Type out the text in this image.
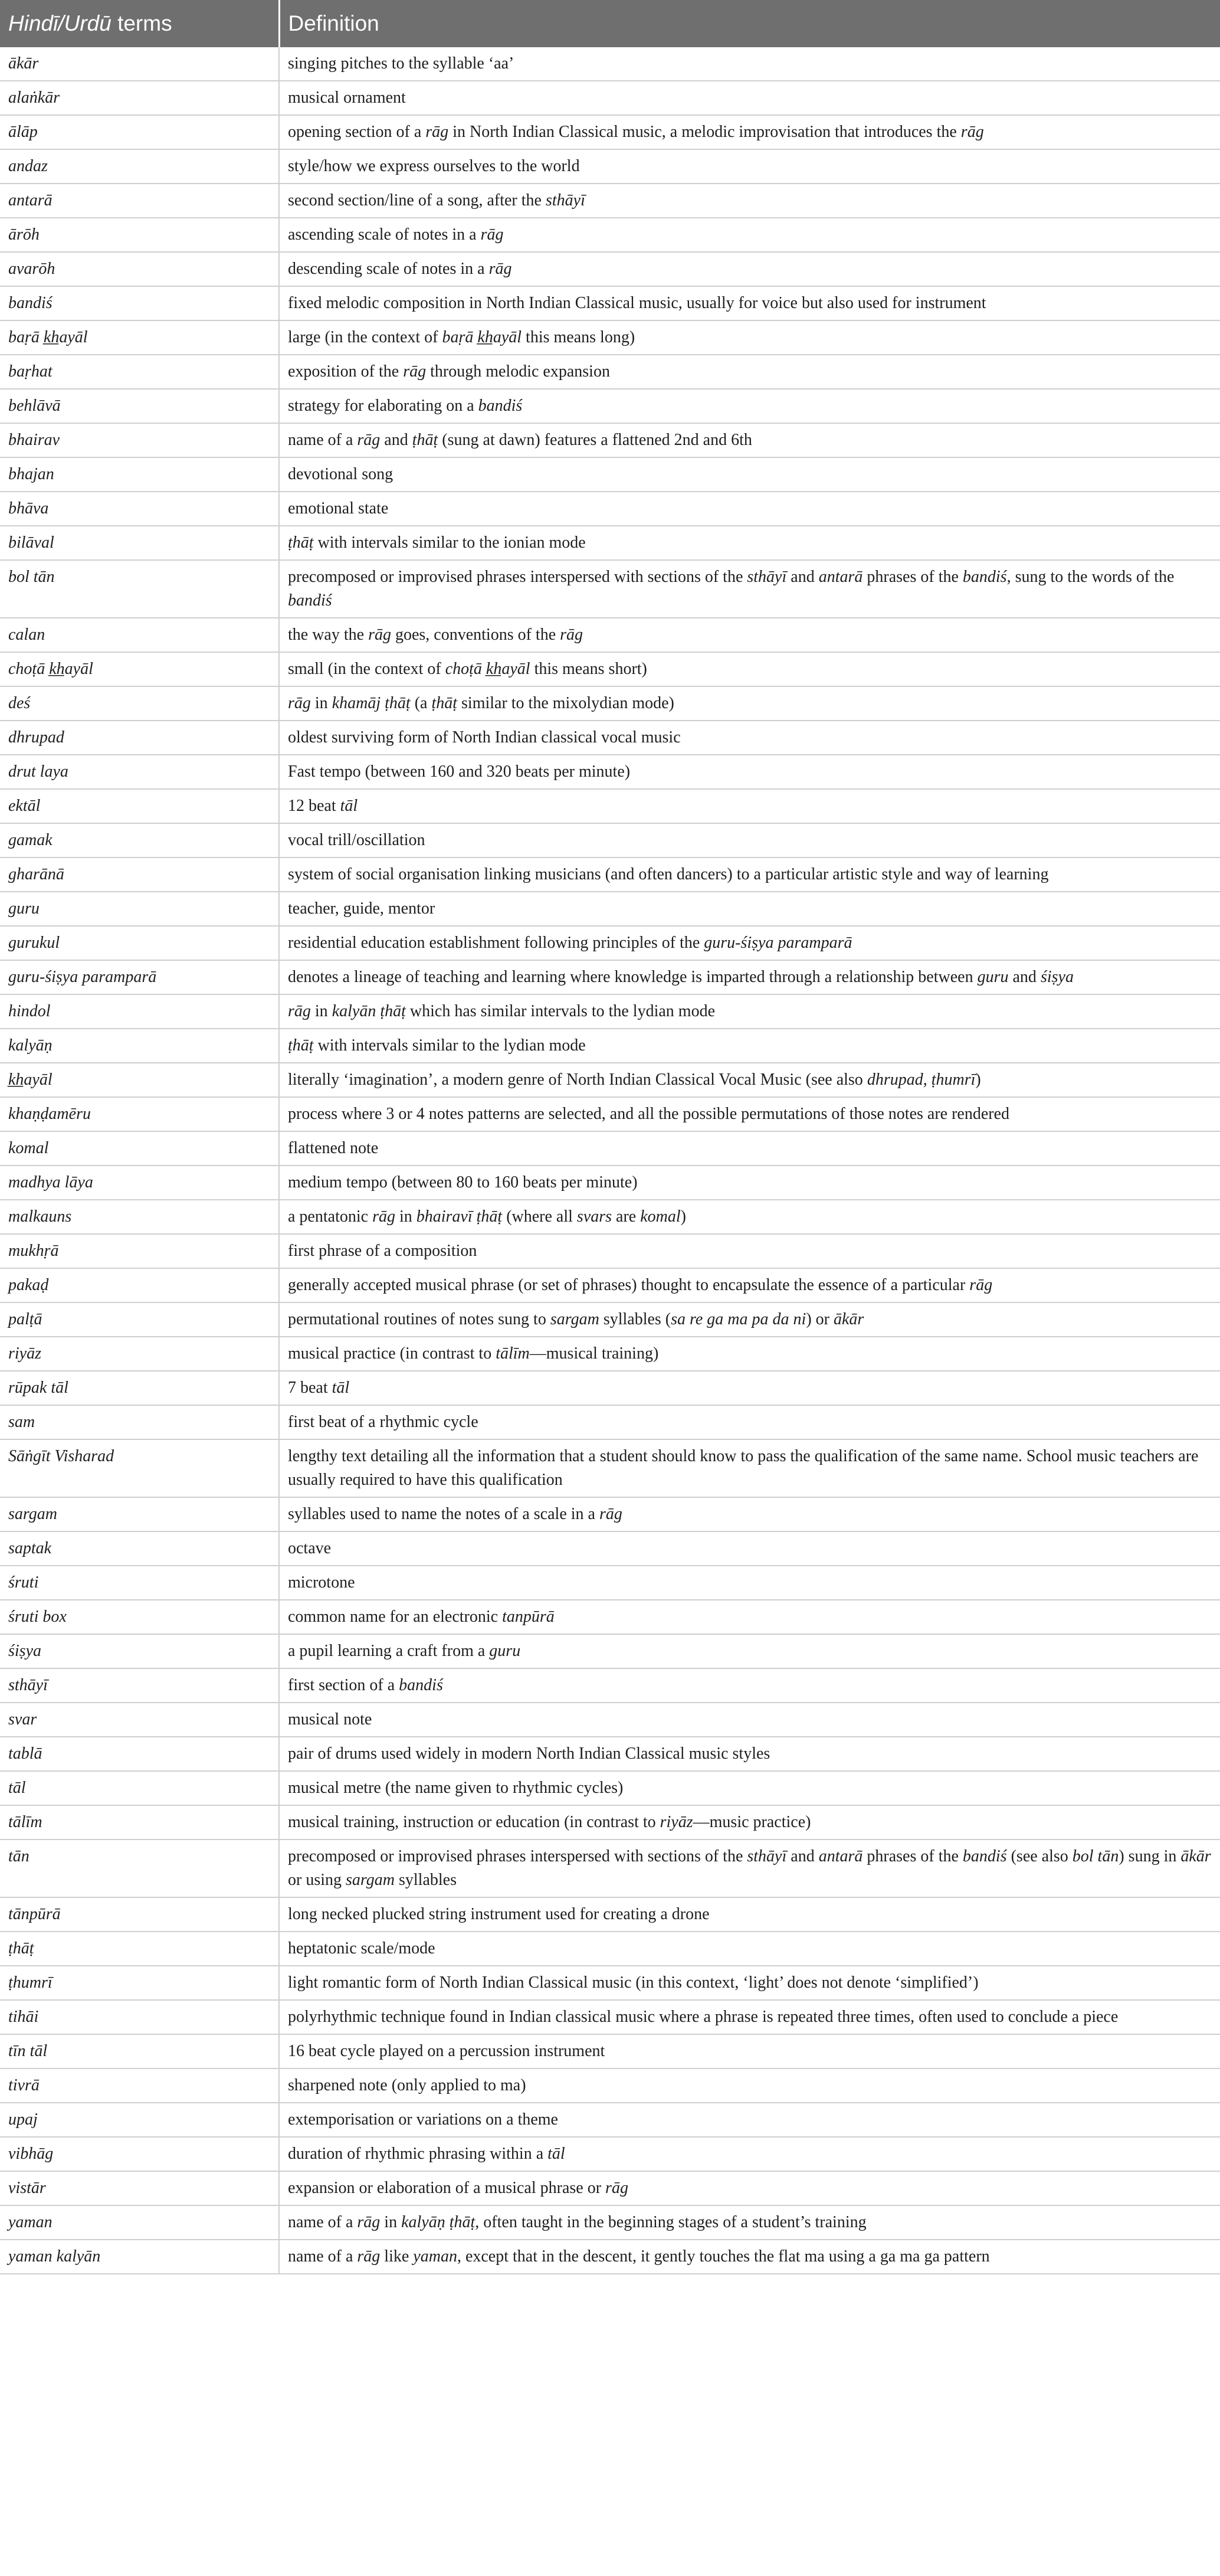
Hindī/Urdū terms	Definition
ākār	singing pitches to the syllable ‘aa’
alaṅkār	musical ornament
ālāp	opening section of a rāg in North Indian Classical music, a melodic improvisation that introduces the rāg
andaz	style/how we express ourselves to the world
antarā	second section/line of a song, after the sthāyī
ārōh	ascending scale of notes in a rāg
avarōh	descending scale of notes in a rāg
bandiś	fixed melodic composition in North Indian Classical music, usually for voice but also used for instrument
baṛā k̲h̲ayāl	large (in the context of baṛā k̲h̲ayāl this means long)
baṛhat	exposition of the rāg through melodic expansion
behlāvā	strategy for elaborating on a bandiś
bhairav	name of a rāg and ṭhāṭ (sung at dawn) features a flattened 2nd and 6th
bhajan	devotional song
bhāva	emotional state
bilāval	ṭhāṭ with intervals similar to the ionian mode
bol tān	precomposed or improvised phrases interspersed with sections of the sthāyī and antarā phrases of the bandiś, sung to the words of the bandiś
calan	the way the rāg goes, conventions of the rāg
choṭā k̲h̲ayāl	small (in the context of choṭā k̲h̲ayāl this means short)
deś	rāg in khamāj ṭhāṭ (a ṭhāṭ similar to the mixolydian mode)
dhrupad	oldest surviving form of North Indian classical vocal music
drut laya	Fast tempo (between 160 and 320 beats per minute)
ektāl	12 beat tāl
gamak	vocal trill/oscillation
gharānā	system of social organisation linking musicians (and often dancers) to a particular artistic style and way of learning
guru	teacher, guide, mentor
gurukul	residential education establishment following principles of the guru-śiṣya paramparā
guru-śiṣya paramparā	denotes a lineage of teaching and learning where knowledge is imparted through a relationship between guru and śiṣya
hindol	rāg in kalyān ṭhāṭ which has similar intervals to the lydian mode
kalyāṇ	ṭhāṭ with intervals similar to the lydian mode
k̲h̲ayāl	literally ‘imagination’, a modern genre of North Indian Classical Vocal Music (see also dhrupad, ṭhumrī)
khaṇḍamēru	process where 3 or 4 notes patterns are selected, and all the possible permutations of those notes are rendered
komal	flattened note
madhya lāya	medium tempo (between 80 to 160 beats per minute)
malkauns	a pentatonic rāg in bhairavī ṭhāṭ (where all svars are komal)
mukhṛā	first phrase of a composition
pakaḍ	generally accepted musical phrase (or set of phrases) thought to encapsulate the essence of a particular rāg
palṭā	permutational routines of notes sung to sargam syllables (sa re ga ma pa da ni) or ākār
riyāz	musical practice (in contrast to tālīm—musical training)
rūpak tāl	7 beat tāl
sam	first beat of a rhythmic cycle
Sāṅgīt Visharad	lengthy text detailing all the information that a student should know to pass the qualification of the same name. School music teachers are usually required to have this qualification
sargam	syllables used to name the notes of a scale in a rāg
saptak	octave
śruti	microtone
śruti box	common name for an electronic tanpūrā
śiṣya	a pupil learning a craft from a guru
sthāyī	first section of a bandiś
svar	musical note
tablā	pair of drums used widely in modern North Indian Classical music styles
tāl	musical metre (the name given to rhythmic cycles)
tālīm	musical training, instruction or education (in contrast to riyāz—music practice)
tān	precomposed or improvised phrases interspersed with sections of the sthāyī and antarā phrases of the bandiś (see also bol tān) sung in ākār or using sargam syllables
tānpūrā	long necked plucked string instrument used for creating a drone
ṭhāṭ	heptatonic scale/mode
ṭhumrī	light romantic form of North Indian Classical music (in this context, ‘light’ does not denote ‘simplified’)
tihāi	polyrhythmic technique found in Indian classical music where a phrase is repeated three times, often used to conclude a piece
tīn tāl	16 beat cycle played on a percussion instrument
tivrā	sharpened note (only applied to ma)
upaj	extemporisation or variations on a theme
vibhāg	duration of rhythmic phrasing within a tāl
vistār	expansion or elaboration of a musical phrase or rāg
yaman	name of a rāg in kalyāṇ ṭhāṭ, often taught in the beginning stages of a student’s training
yaman kalyān	name of a rāg like yaman, except that in the descent, it gently touches the flat ma using a ga ma ga pattern
